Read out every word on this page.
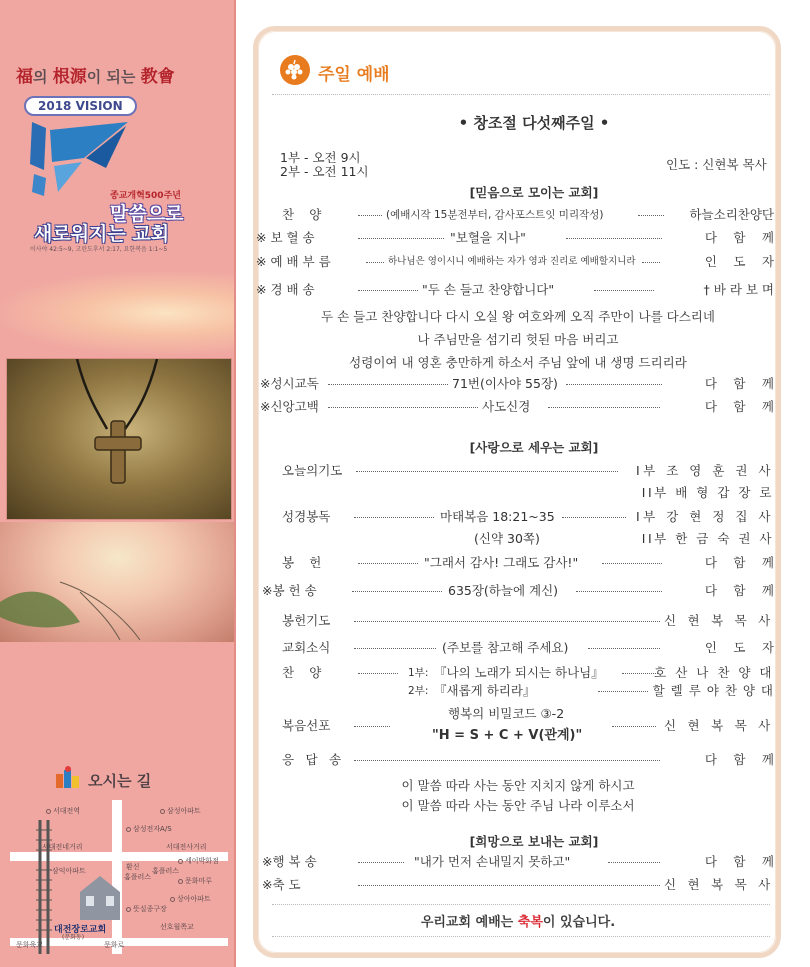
福의 根源이 되는 教會
2018 VISION
종교개혁500주년
말씀으로
새로워지는 교회
이사야 42:5~9, 고린도후서 2:17, 요한복음 1:1~5
오시는 길
서대전역	삼성아파트
삼성전자A/S
서대전네거리	서대전사거리
환신
홈플러스
홈플러스
세이박화점
삼익아파트
문화마루
상아아파트
뜻실종구장
대전장로교회
(문화동)
선호월쪽교
문화육교	문화로
주일 예배
• 창조절 다섯째주일 •
1부 - 오전 9시
2부 - 오전 11시	인도 : 신현복 목사
[믿음으로 모이는 교회]
찬 양	(예배시작 15분전부터, 감사포스트잇 미리작성)	하늘소리찬양단
※ 보 혈 송	"보혈을 지나"	다 함 께
※ 예 배 부 름	하나님은 영이시니 예배하는 자가 영과 진리로 예배할지니라	인 도 자
※ 경 배 송	"두 손 들고 찬양합니다"	† 바 라 보 며
두 손 들고 찬양합니다 다시 오실 왕 여호와께 오직 주만이 나를 다스리네
나 주님만을 섬기리 헛된 마음 버리고
성령이여 내 영혼 충만하게 하소서 주님 앞에 내 생명 드리리라
※성시교독	71번(이사야 55장)	다 함 께
※신앙고백	사도신경	다 함 께
[사랑으로 세우는 교회]
오늘의기도	I부 조 영 훈 권 사
II부 배 형 갑 장 로
성경봉독	마태복음 18:21~35	I부 강 현 정 집 사
(신약 30쪽)	II부 한 금 숙 권 사
봉 헌	"그래서 감사! 그래도 감사!"	다 함 께
※봉 헌 송	635장(하늘에 계신)	다 함 께
봉헌기도	신 현 복 목 사
교회소식	(주보를 참고해 주세요)	인 도 자
찬 양	1부: 『나의 노래가 되시는 하나님』	호 산 나 찬 양 대
2부: 『새롭게 하리라』	할 렐 루 야 찬 양 대
행복의 비밀코드 ③-2
복음선포
"H = S + C + V(관계)"
신 현 복 목 사
응 답 송	다 함 께
이 말씀 따라 사는 동안 지치지 않게 하시고
이 말씀 따라 사는 동안 주님 나라 이루소서
[희망으로 보내는 교회]
※행 복 송	"내가 먼저 손내밀지 못하고"	다 함 께
※축 도	신 현 복 목 사
우리교회 예배는 축복이 있습니다.
